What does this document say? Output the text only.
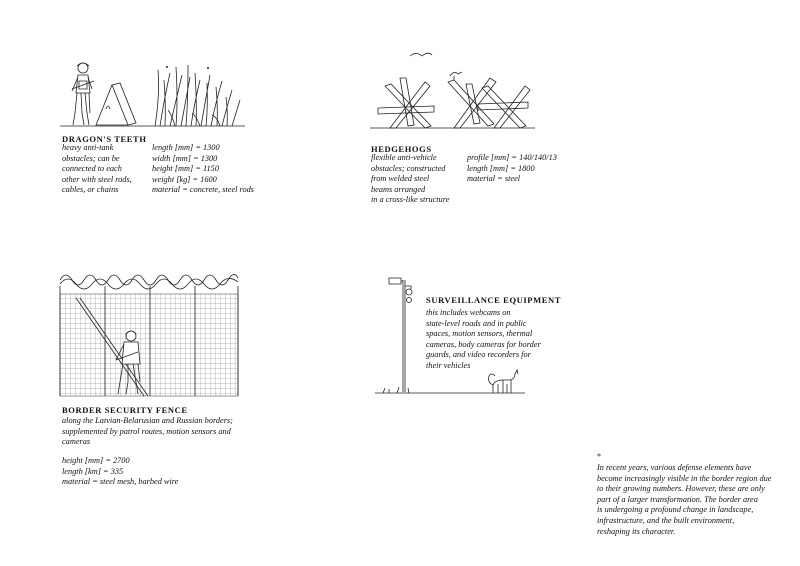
DRAGON'S TEETH
heavy anti-tank
obstacles; can be
connected to each
other with steel rods,
cables, or chains
length [mm] = 1300
width [mm] = 1300
height [mm] = 1150
weight [kg] = 1600
material = concrete, steel rods
HEDGEHOGS
flexible anti-vehicle
obstacles; constructed
from welded steel
beams arranged
in a cross-like structure
profile [mm] = 140/140/13
length [mm] = 1800
material = steel
BORDER SECURITY FENCE
along the Latvian-Belarusian and Russian borders;
supplemented by patrol routes, motion sensors and
cameras
height [mm] = 2700
length [km] = 335
material = steel mesh, barbed wire
SURVEILLANCE EQUIPMENT
this includes webcams on
state-level roads and in public
spaces, motion sensors, thermal
cameras, body cameras for border
guards, and video recorders for
their vehicles
*
In recent years, various defense elements have
become increasingly visible in the border region due
to their growing numbers. However, these are only
part of a larger transformation. The border area
is undergoing a profound change in landscape,
infrastructure, and the built environment,
reshaping its character.
